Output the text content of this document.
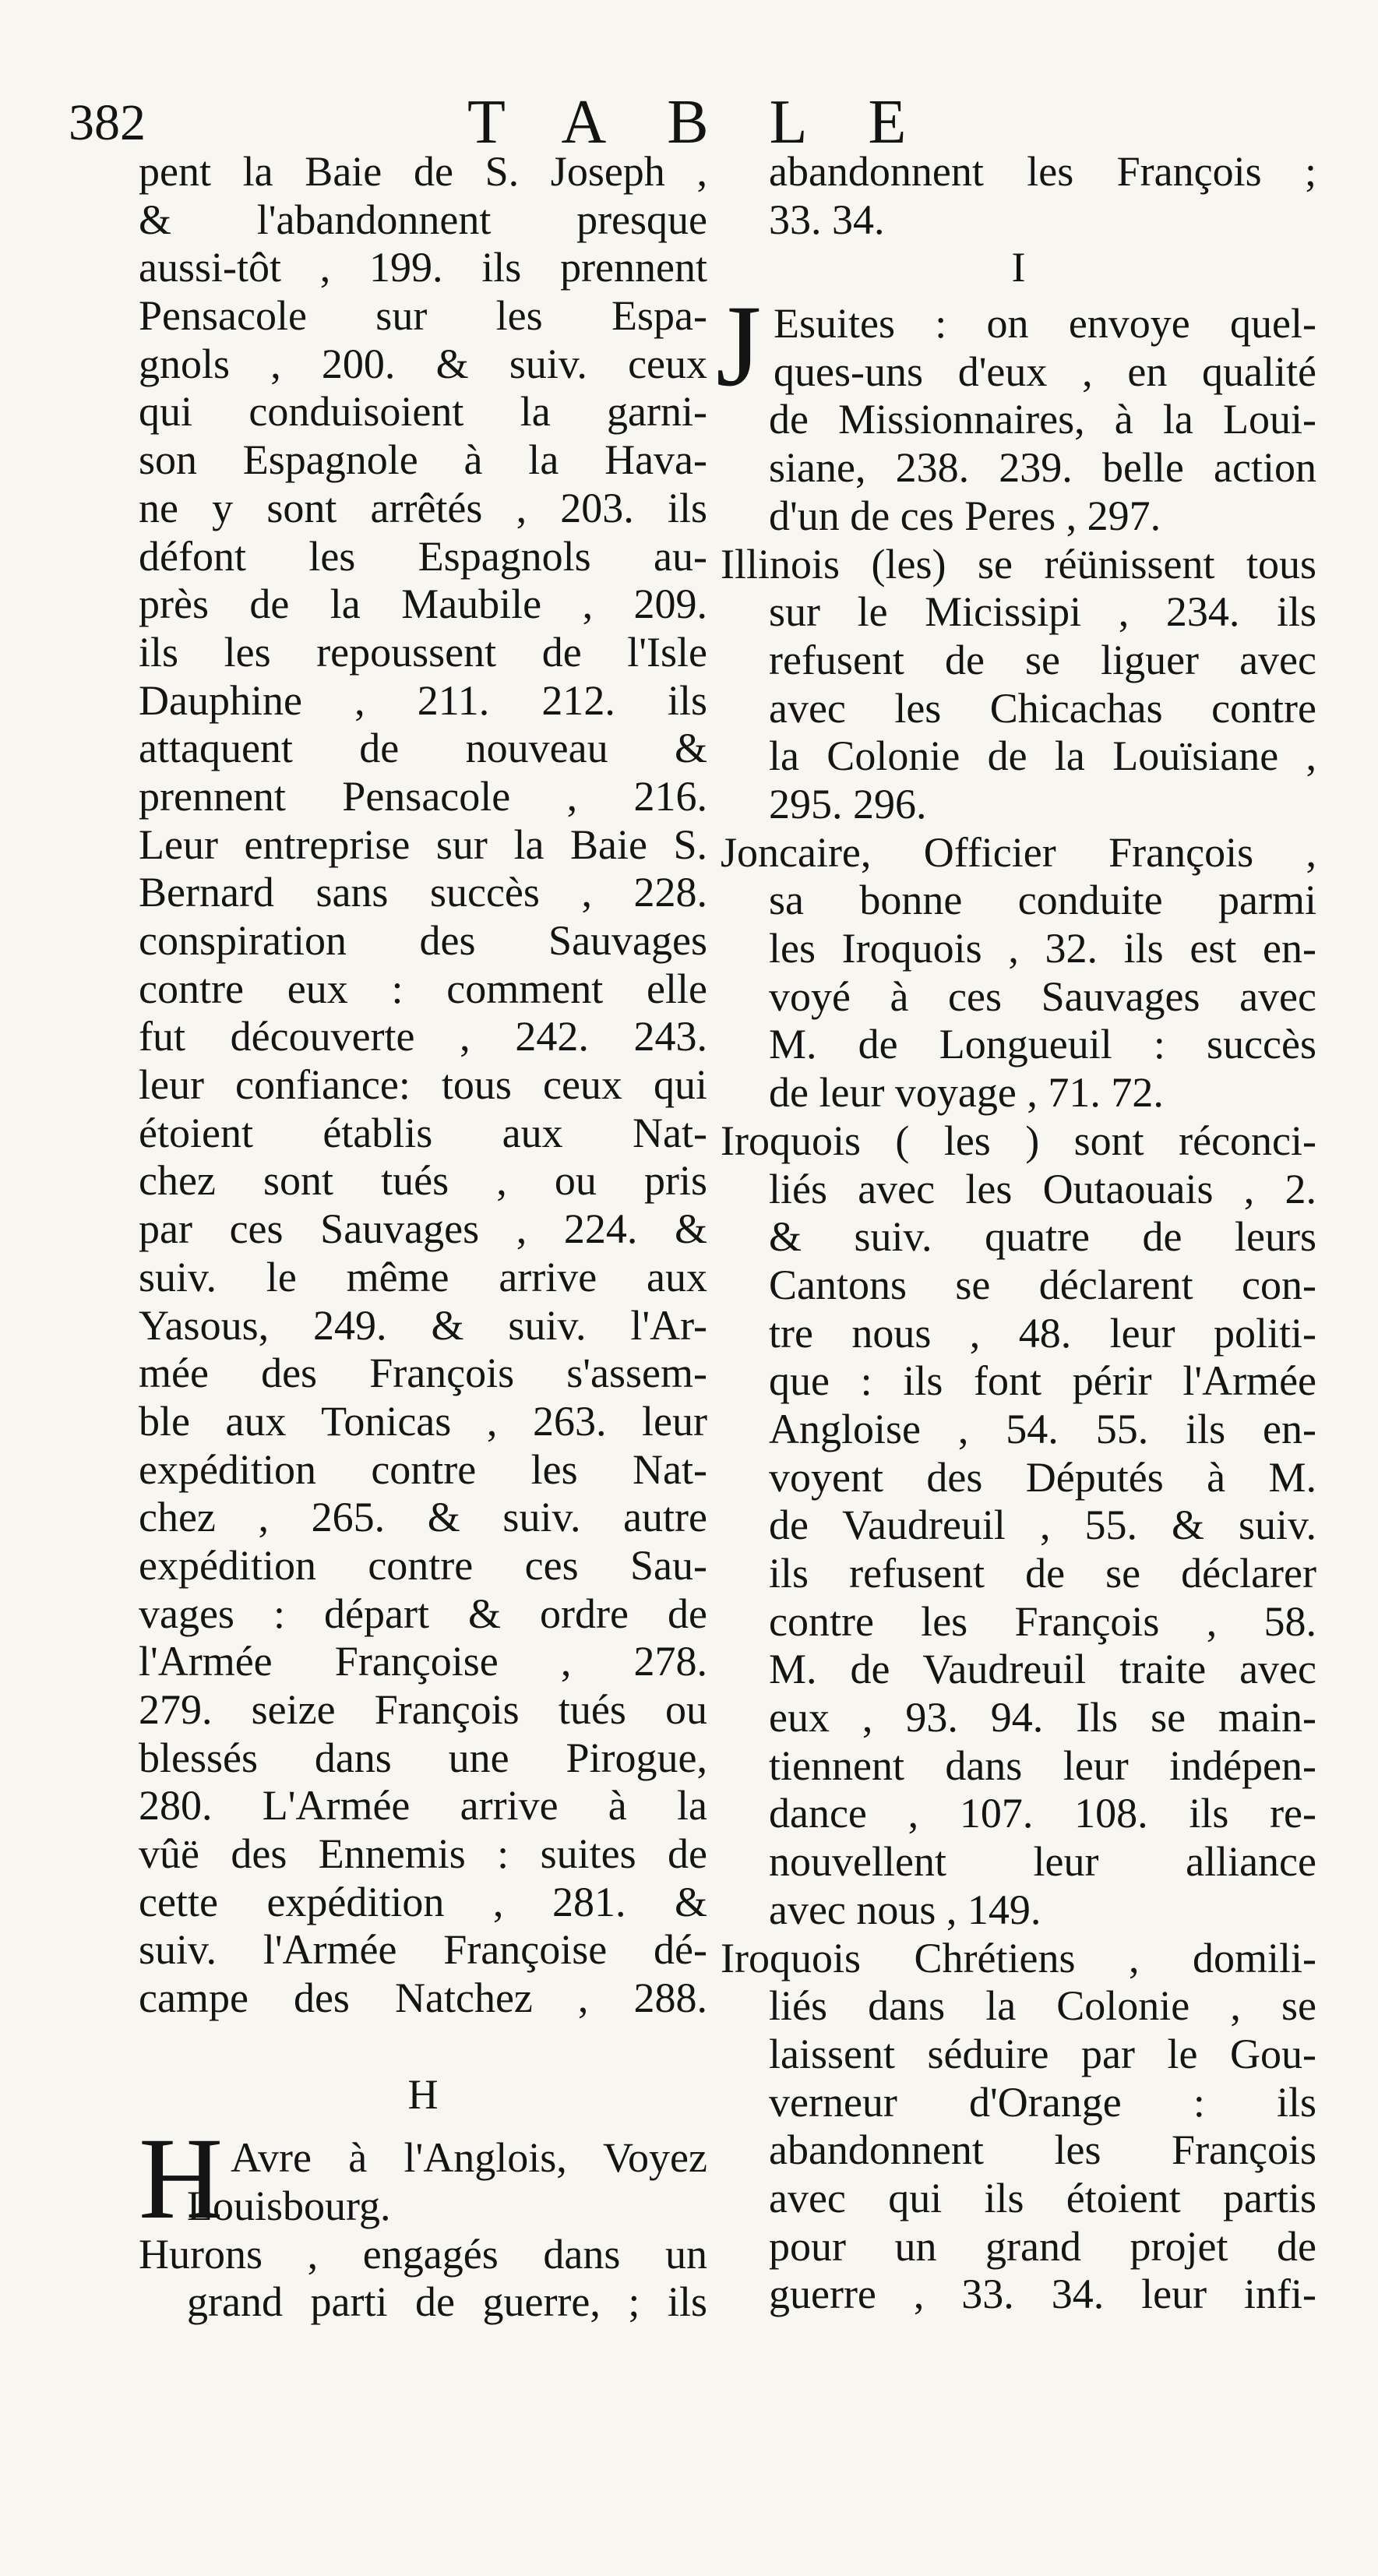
382	TABLE
pent la Baie de S. Joseph ,
& l'abandonnent presque
aussi-tôt , 199. ils prennent
Pensacole sur les Espa-
gnols , 200. & suiv. ceux
qui conduisoient la garni-
son Espagnole à la Hava-
ne y sont arrêtés , 203. ils
défont les Espagnols au-
près de la Maubile , 209.
ils les repoussent de l'Isle
Dauphine , 211. 212. ils
attaquent de nouveau &
prennent Pensacole , 216.
Leur entreprise sur la Baie S.
Bernard sans succès , 228.
conspiration des Sauvages
contre eux : comment elle
fut découverte , 242. 243.
leur confiance: tous ceux qui
étoient établis aux Nat-
chez sont tués , ou pris
par ces Sauvages , 224. &
suiv. le même arrive aux
Yasous, 249. & suiv. l'Ar-
mée des François s'assem-
ble aux Tonicas , 263. leur
expédition contre les Nat-
chez , 265. & suiv. autre
expédition contre ces Sau-
vages : départ & ordre de
l'Armée Françoise , 278.
279. seize François tués ou
blessés dans une Pirogue,
280. L'Armée arrive à la
vûë des Ennemis : suites de
cette expédition , 281. &
suiv. l'Armée Françoise dé-
campe des Natchez , 288.
H
H Avre à l'Anglois, Voyez
Louisbourg.
Hurons , engagés dans un
grand parti de guerre, ; ils
abandonnent les François ;
33. 34.
I
J Esuites : on envoye quel-
ques-uns d'eux , en qualité
de Missionnaires, à la Loui-
siane, 238. 239. belle action
d'un de ces Peres , 297.
Illinois (les) se réünissent tous
sur le Micissipi , 234. ils
refusent de se liguer avec
avec les Chicachas contre
la Colonie de la Louïsiane ,
295. 296.
Joncaire, Officier François ,
sa bonne conduite parmi
les Iroquois , 32. ils est en-
voyé à ces Sauvages avec
M. de Longueuil : succès
de leur voyage , 71. 72.
Iroquois ( les ) sont réconci-
liés avec les Outaouais , 2.
& suiv. quatre de leurs
Cantons se déclarent con-
tre nous , 48. leur politi-
que : ils font périr l'Armée
Angloise , 54. 55. ils en-
voyent des Députés à M.
de Vaudreuil , 55. & suiv.
ils refusent de se déclarer
contre les François , 58.
M. de Vaudreuil traite avec
eux , 93. 94. Ils se main-
tiennent dans leur indépen-
dance , 107. 108. ils re-
nouvellent leur alliance
avec nous , 149.
Iroquois Chrétiens , domili-
liés dans la Colonie , se
laissent séduire par le Gou-
verneur d'Orange : ils
abandonnent les François
avec qui ils étoient partis
pour un grand projet de
guerre , 33. 34. leur infi-
